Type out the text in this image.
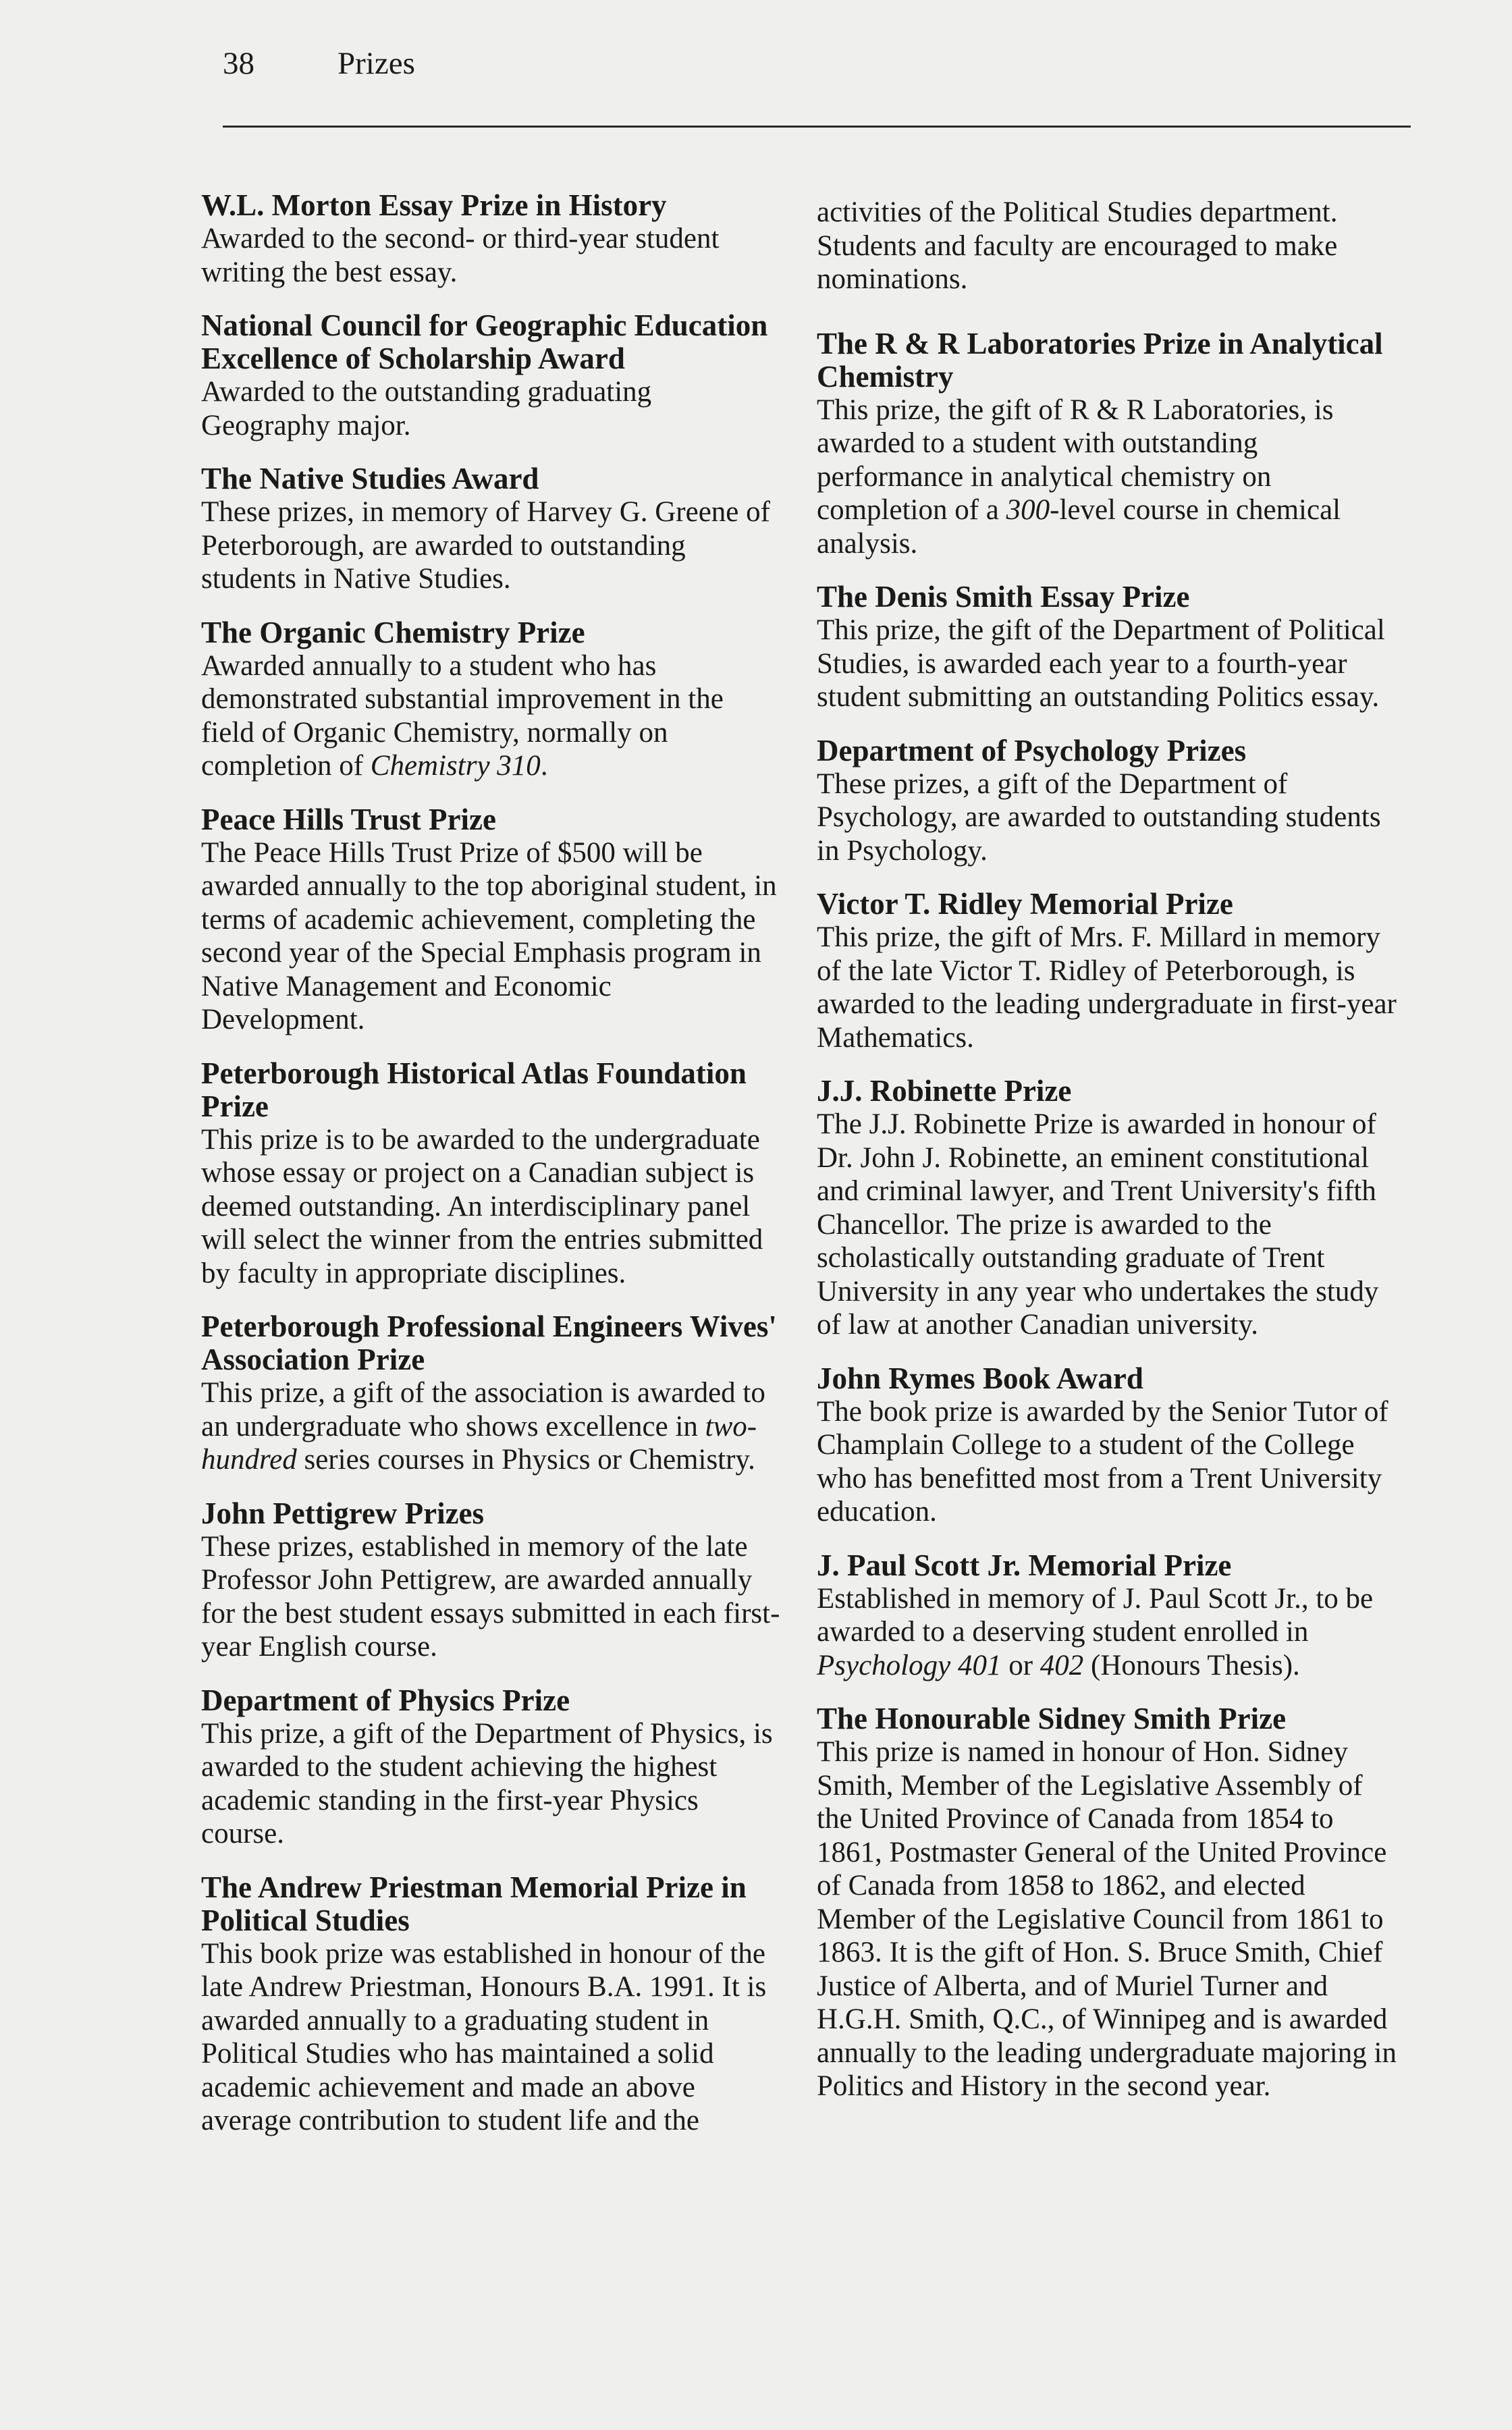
38	Prizes

W.L. Morton Essay Prize in History

Awarded to the second- or third-year student writing the best essay.

National Council for Geographic Education Excellence of Scholarship Award

Awarded to the outstanding graduating Geography major.

The Native Studies Award

These prizes, in memory of Harvey G. Greene of Peterborough, are awarded to outstanding students in Native Studies.

The Organic Chemistry Prize

Awarded annually to a student who has demonstrated substantial improvement in the field of Organic Chemistry, normally on completion of Chemistry 310.

Peace Hills Trust Prize

The Peace Hills Trust Prize of $500 will be awarded annually to the top aboriginal student, in terms of academic achievement, completing the second year of the Special Emphasis program in Native Management and Economic Development.

Peterborough Historical Atlas Foundation Prize

This prize is to be awarded to the undergraduate whose essay or project on a Canadian subject is deemed outstanding. An interdisciplinary panel will select the winner from the entries submitted by faculty in appropriate disciplines.

Peterborough Professional Engineers Wives' Association Prize

This prize, a gift of the association is awarded to an undergraduate who shows excellence in two-hundred series courses in Physics or Chemistry.

John Pettigrew Prizes

These prizes, established in memory of the late Professor John Pettigrew, are awarded annually for the best student essays submitted in each first-year English course.

Department of Physics Prize

This prize, a gift of the Department of Physics, is awarded to the student achieving the highest academic standing in the first-year Physics course.

The Andrew Priestman Memorial Prize in Political Studies

This book prize was established in honour of the late Andrew Priestman, Honours B.A. 1991. It is awarded annually to a graduating student in Political Studies who has maintained a solid academic achievement and made an above average contribution to student life and the

activities of the Political Studies department. Students and faculty are encouraged to make nominations.

The R & R Laboratories Prize in Analytical Chemistry

This prize, the gift of R & R Laboratories, is awarded to a student with outstanding performance in analytical chemistry on completion of a 300-level course in chemical analysis.

The Denis Smith Essay Prize

This prize, the gift of the Department of Political Studies, is awarded each year to a fourth-year student submitting an outstanding Politics essay.

Department of Psychology Prizes

These prizes, a gift of the Department of Psychology, are awarded to outstanding students in Psychology.

Victor T. Ridley Memorial Prize

This prize, the gift of Mrs. F. Millard in memory of the late Victor T. Ridley of Peterborough, is awarded to the leading undergraduate in first-year Mathematics.

J.J. Robinette Prize

The J.J. Robinette Prize is awarded in honour of Dr. John J. Robinette, an eminent constitutional and criminal lawyer, and Trent University's fifth Chancellor. The prize is awarded to the scholastically outstanding graduate of Trent University in any year who undertakes the study of law at another Canadian university.

John Rymes Book Award

The book prize is awarded by the Senior Tutor of Champlain College to a student of the College who has benefitted most from a Trent University education.

J. Paul Scott Jr. Memorial Prize

Established in memory of J. Paul Scott Jr., to be awarded to a deserving student enrolled in Psychology 401 or 402 (Honours Thesis).

The Honourable Sidney Smith Prize

This prize is named in honour of Hon. Sidney Smith, Member of the Legislative Assembly of the United Province of Canada from 1854 to 1861, Postmaster General of the United Province of Canada from 1858 to 1862, and elected Member of the Legislative Council from 1861 to 1863. It is the gift of Hon. S. Bruce Smith, Chief Justice of Alberta, and of Muriel Turner and H.G.H. Smith, Q.C., of Winnipeg and is awarded annually to the leading undergraduate majoring in Politics and History in the second year.
